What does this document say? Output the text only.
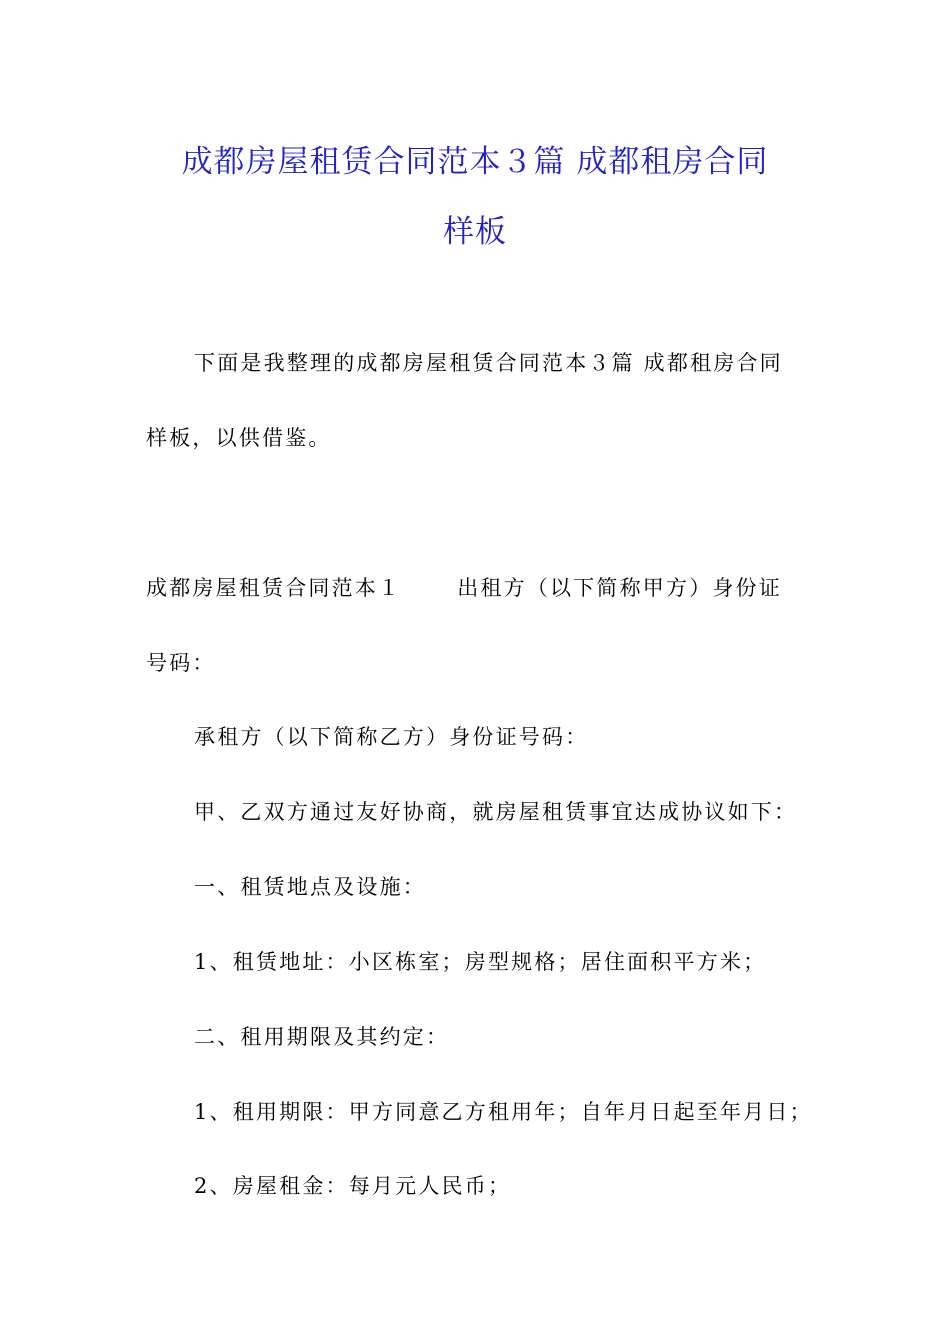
成都房屋租赁合同范本３篇 成都租房合同
样板
下面是我整理的成都房屋租赁合同范本３篇 成都租房合同
样板，以供借鉴。
成都房屋租赁合同范本１	出租方（以下简称甲方）身份证
号码：
承租方（以下简称乙方）身份证号码：
甲、乙双方通过友好协商，就房屋租赁事宜达成协议如下：
一、租赁地点及设施：
1、租赁地址：小区栋室；房型规格；居住面积平方米；
二、租用期限及其约定：
1、租用期限：甲方同意乙方租用年；自年月日起至年月日；
2、房屋租金：每月元人民币；
